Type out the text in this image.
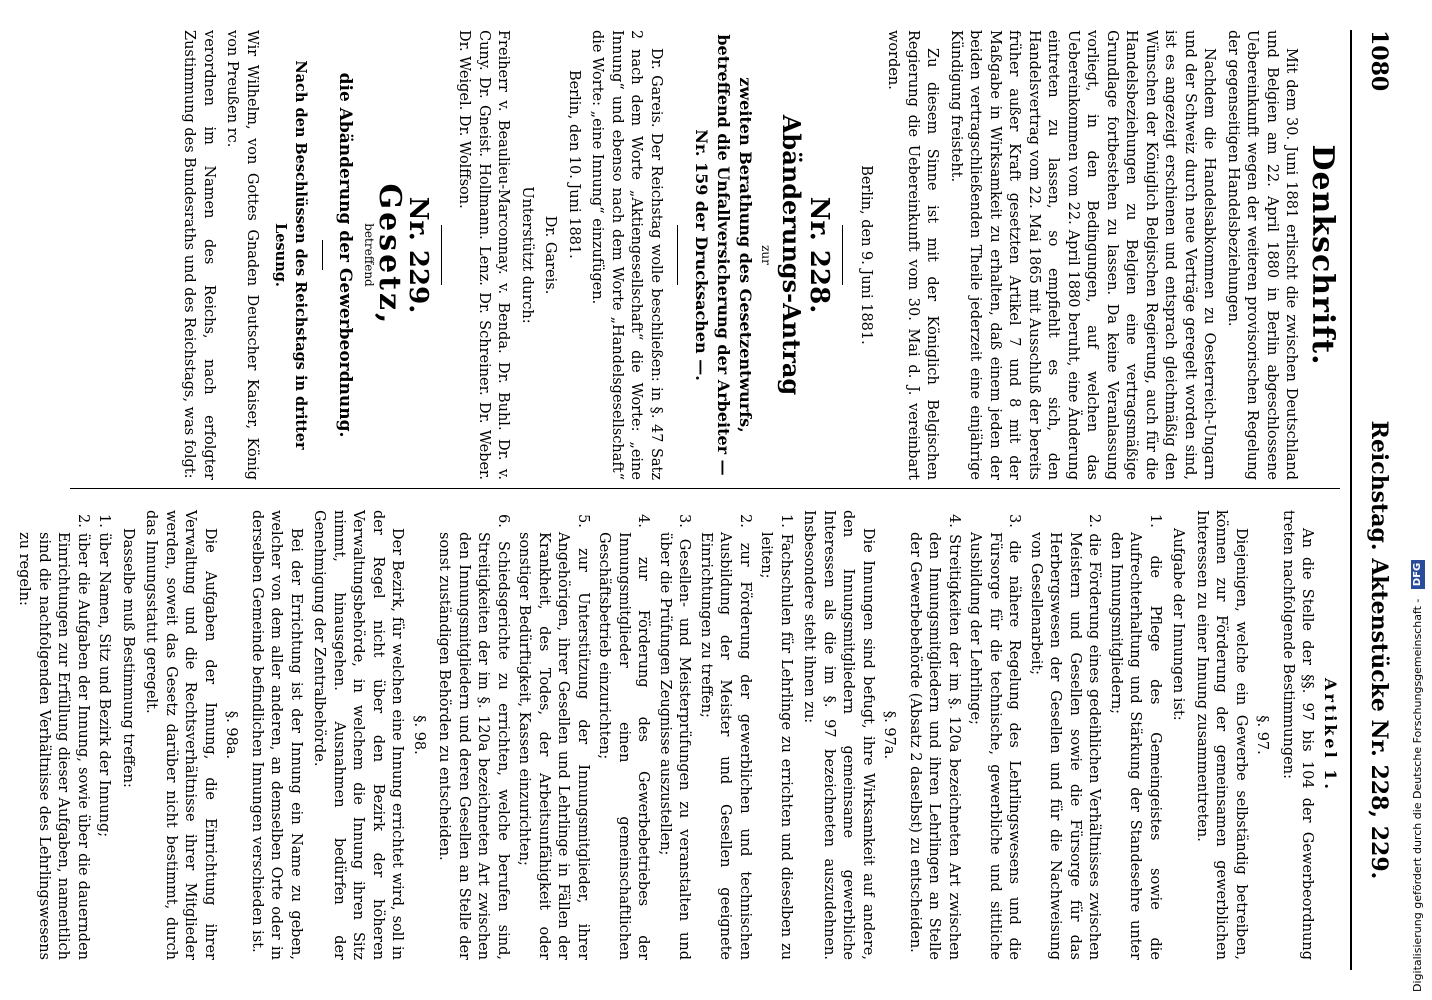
1080
Reichstag. Aktenstücke Nr. 228, 229.
Denkschrift.

Mit dem 30. Juni 1881 erlischt die zwischen Deutschland und Belgien am 22. April 1880 in Berlin abgeschlossene Uebereinkunft wegen der weiteren provisorischen Regelung der gegenseitigen Handelsbeziehungen.

Nachdem die Handelsabkommen zu Oesterreich-Ungarn und der Schweiz durch neue Verträge geregelt worden sind, ist es angezeigt erschienen und entsprach gleichmäßig den Wünschen der Königlich Belgischen Regierung, auch für die Handelsbeziehungen zu Belgien eine vertragsmäßige Grundlage fortbestehen zu lassen. Da keine Veranlassung vorliegt, in den Bedingungen, auf welchen das Uebereinkommen vom 22. April 1880 beruht, eine Änderung eintreten zu lassen, so empfiehlt es sich, den Handelsvertrag vom 22. Mai 1865 mit Ausschluß der bereits früher außer Kraft gesetzten Artikel 7 und 8 mit der Maßgabe in Wirksamkeit zu erhalten, daß einem jeden der beiden vertragschließenden Theile jederzeit eine einjährige Kündigung freisteht.

Zu diesem Sinne ist mit der Königlich Belgischen Regierung die Uebereinkunft vom 30. Mai d. J. vereinbart worden.

Berlin, den 9. Juni 1881.

Nr. 228.
Abänderungs-Antrag
zur

zweiten Berathung des Gesetzentwurfs, betreffend die Unfallversicherung der Arbeiter — Nr. 159 der Drucksachen —.

Dr. Gareis. Der Reichstag wolle beschließen: in §. 47 Satz 2 nach dem Worte „Aktiengesellschaft“ die Worte: „eine Innung“ und ebenso nach dem Worte „Handelsgesellschaft“ die Worte: „eine Innung“ einzufügen.

Berlin, den 10. Juni 1881.

Dr. Gareis.

Unterstützt durch:

Freiherr v. Beaulieu-Marconnay. v. Benda. Dr. Buhl. Dr. v. Cuny. Dr. Gneist. Hollmann. Lenz. Dr. Schreiner. Dr. Weber. Dr. Weigel. Dr. Wolffson.

Nr. 229.
Gesetz,
betreffend
die Abänderung der Gewerbeordnung.

Nach den Beschlüssen des Reichstags in dritter Lesung.

Wir Wilhelm, von Gottes Gnaden Deutscher Kaiser, König von Preußen rc.

verordnen im Namen des Reichs, nach erfolgter Zustimmung des Bundesraths und des Reichstags, was folgt:

Artikel 1.

An die Stelle der §§. 97 bis 104 der Gewerbeordnung treten nachfolgende Bestimmungen:

§. 97.

Diejenigen, welche ein Gewerbe selbständig betreiben, können zur Förderung der gemeinsamen gewerblichen Interessen zu einer Innung zusammentreten.

Aufgabe der Innungen ist:

1. die Pflege des Gemeingeistes sowie die Aufrechterhaltung und Stärkung der Standesehre unter den Innungsmitgliedern;

2. die Förderung eines gedeihlichen Verhältnisses zwischen Meistern und Gesellen sowie die Fürsorge für das Herbergswesen der Gesellen und für die Nachweisung von Gesellenarbeit;

3. die nähere Regelung des Lehrlingswesens und die Fürsorge für die technische, gewerbliche und sittliche Ausbildung der Lehrlinge;

4. Streitigkeiten der im §. 120a bezeichneten Art zwischen den Innungsmitgliedern und ihren Lehrlingen an Stelle der Gewerbebehörde (Absatz 2 daselbst) zu entscheiden.

§. 97a.

Die Innungen sind befugt, ihre Wirksamkeit auf andere, den Innungsmitgliedern gemeinsame gewerbliche Interessen als die im §. 97 bezeichneten auszudehnen. Insbesondere steht ihnen zu:

1. Fachschulen für Lehrlinge zu errichten und dieselben zu leiten;

2. zur Förderung der gewerblichen und technischen Ausbildung der Meister und Gesellen geeignete Einrichtungen zu treffen;

3. Gesellen- und Meisterprüfungen zu veranstalten und über die Prüfungen Zeugnisse auszustellen;

4. zur Förderung des Gewerbebetriebes der Innungsmitglieder einen gemeinschaftlichen Geschäftsbetrieb einzurichten;

5. zur Unterstützung der Innungsmitglieder, ihrer Angehörigen, ihrer Gesellen und Lehrlinge in Fällen der Krankheit, des Todes, der Arbeitsunfähigkeit oder sonstiger Bedürftigkeit, Kassen einzurichten;

6. Schiedsgerichte zu errichten, welche berufen sind, Streitigkeiten der im §. 120a bezeichneten Art zwischen den Innungsmitgliedern und deren Gesellen an Stelle der sonst zuständigen Behörden zu entscheiden.

§. 98.

Der Bezirk, für welchen eine Innung errichtet wird, soll in der Regel nicht über den Bezirk der höheren Verwaltungsbehörde, in welchem die Innung ihren Sitz nimmt, hinausgehen. Ausnahmen bedürfen der Genehmigung der Zentralbehörde.

Bei der Errichtung ist der Innung ein Name zu geben, welcher von dem aller anderen, an demselben Orte oder in derselben Gemeinde befindlichen Innungen verschieden ist.

§. 98a.

Die Aufgaben der Innung, die Einrichtung ihrer Verwaltung und die Rechtsverhältnisse ihrer Mitglieder werden, soweit das Gesetz darüber nicht bestimmt, durch das Innungsstatut geregelt.

Dasselbe muß Bestimmung treffen:

1. über Namen, Sitz und Bezirk der Innung;

2. über die Aufgaben der Innung, sowie über die dauernden Einrichtungen zur Erfüllung dieser Aufgaben, namentlich sind die nachfolgenden Verhältnisse des Lehrlingswesens zu regeln:

Digitalisierung gefördert durch die Deutsche Forschungsgemeinschaft - DFG
